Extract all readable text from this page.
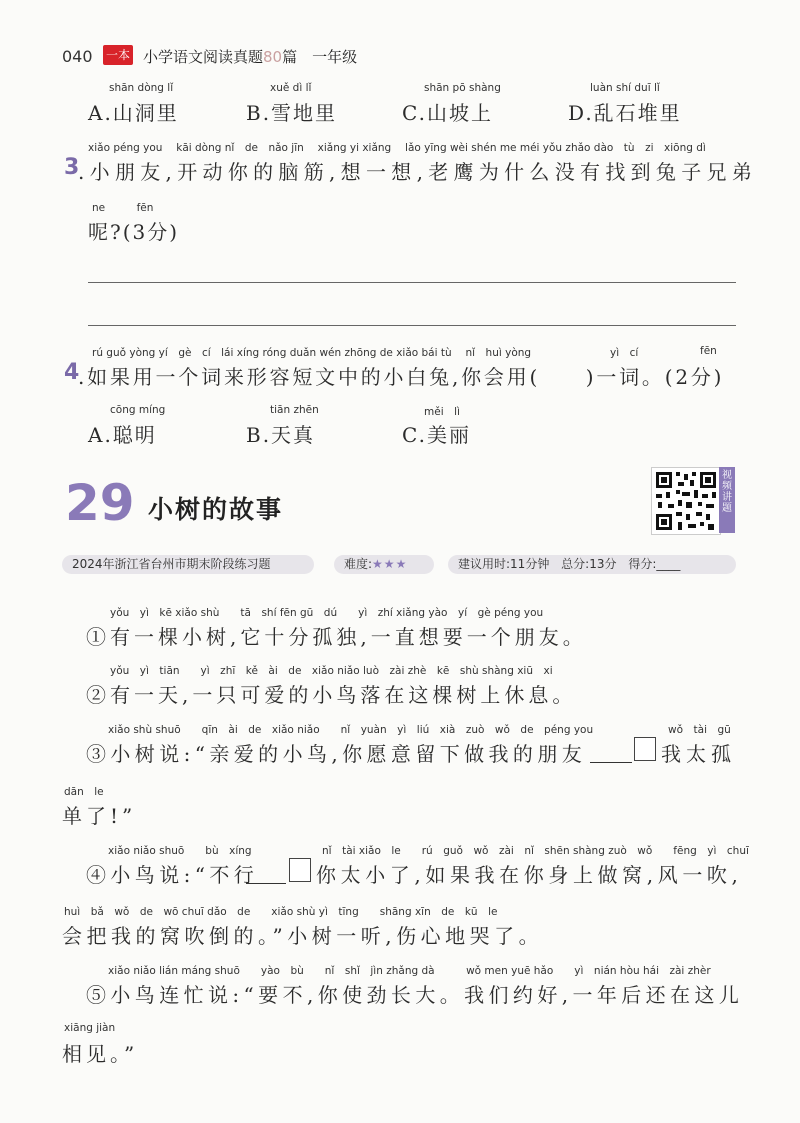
040 一本 小学语文阅读真题80篇　一年级
shān dòng lǐ
A.山洞里
xuě dì lǐ
B.雪地里
shān pō shàng
C.山坡上
luàn shí duī lǐ
D.乱石堆里
xiǎo péng you　 kāi dòng nǐ　de　nǎo jīn　 xiǎng yi xiǎng　 lǎo yīng wèi shén me méi yǒu zhǎo dào　tù　zi　xiōng dì
3
.小朋友,开动你的脑筋,想一想,老鹰为什么没有找到兔子兄弟
ne　　　fēn
呢?(3分)
rú guǒ yòng yí　gè　cí　lái xíng róng duǎn wén zhōng de xiǎo bái tù　 nǐ　huì yòng	yì　cí	fēn
4
.如果用一个词来形容短文中的小白兔,你会用(　　)一词。(2分)
cōng míng
A.聪明
tiān zhēn
B.天真
měi　lì
C.美丽
29 小树的故事
视频讲题
2024年浙江省台州市期末阶段练习题	难度:★★★	建议用时:11分钟 总分:13分 得分:____
yǒu　yì　kē xiǎo shù　　tā　shí fēn gū　dú　　yì　zhí xiǎng yào　yí　gè péng you
①有一棵小树,它十分孤独,一直想要一个朋友。
yǒu　yì　tiān　　yì　zhī　kě　ài　de　xiǎo niǎo luò　zài zhè　kē　shù shàng xiū　xi
②有一天,一只可爱的小鸟落在这棵树上休息。
xiǎo shù shuō　　qīn　ài　de　xiǎo niǎo　　nǐ　yuàn　yì　liú　xià　zuò　wǒ　de　péng you	wǒ　tài　gū
③小树说:“亲爱的小鸟,你愿意留下做我的朋友	我太孤
dān　le
单了!”
xiǎo niǎo shuō　　bù　xíng	nǐ　tài xiǎo　le　　rú　guǒ　wǒ　zài　nǐ　shēn shàng zuò　wǒ　　fēng　yì　chuī
④小鸟说:“不行	你太小了,如果我在你身上做窝,风一吹,
huì　bǎ　wǒ　de　wō chuī dǎo　de　　xiǎo shù yì　tīng　　shāng xīn　de　kū　le
会把我的窝吹倒的。”小树一听,伤心地哭了。
xiǎo niǎo lián máng shuō　　yào　bù　　nǐ　shǐ　jìn zhǎng dà　　　wǒ men yuē hǎo　　yì　nián hòu hái　zài zhèr
⑤小鸟连忙说:“要不,你使劲长大。我们约好,一年后还在这儿
xiāng jiàn
相见。”
